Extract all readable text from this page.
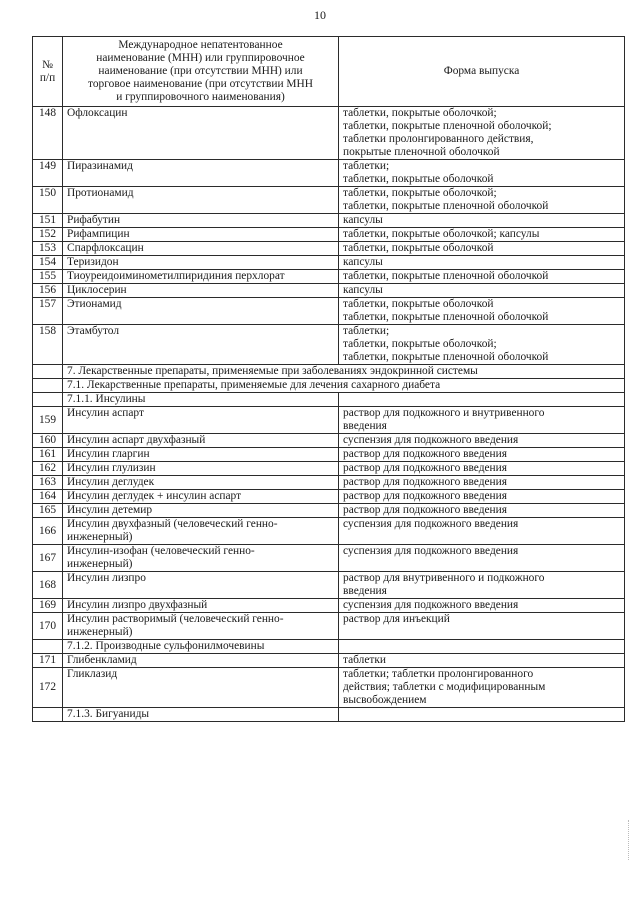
10
№
п/п	Международное непатентованное
наименование (МНН) или группировочное
наименование (при отсутствии МНН) или
торговое наименование (при отсутствии МНН
и группировочного наименования)	Форма выпуска
148	Офлоксацин	таблетки, покрытые оболочкой;
таблетки, покрытые пленочной оболочкой;
таблетки пролонгированного действия,
покрытые пленочной оболочкой

149	Пиразинамид	таблетки;
таблетки, покрытые оболочкой

150	Протионамид	таблетки, покрытые оболочкой;
таблетки, покрытые пленочной оболочкой

151	Рифабутин	капсулы

152	Рифампицин	таблетки, покрытые оболочкой; капсулы

153	Спарфлоксацин	таблетки, покрытые оболочкой

154	Теризидон	капсулы

155	Тиоуреидоиминометилпиридиния перхлорат	таблетки, покрытые пленочной оболочкой

156	Циклосерин	капсулы

157	Этионамид	таблетки, покрытые оболочкой
таблетки, покрытые пленочной оболочкой

158	Этамбутол	таблетки;
таблетки, покрытые оболочкой;
таблетки, покрытые пленочной оболочкой

	7. Лекарственные препараты, применяемые при заболеваниях эндокринной системы	
	7.1. Лекарственные препараты, применяемые для лечения сахарного диабета	
	7.1.1. Инсулины	
159	Инсулин аспарт	раствор для подкожного и внутривенного
введения

160	Инсулин аспарт двухфазный	суспензия для подкожного введения

161	Инсулин гларгин	раствор для подкожного введения

162	Инсулин глулизин	раствор для подкожного введения

163	Инсулин деглудек	раствор для подкожного введения

164	Инсулин деглудек + инсулин аспарт	раствор для подкожного введения

165	Инсулин детемир	раствор для подкожного введения

166	Инсулин двухфазный (человеческий генно-
инженерный)	суспензия для подкожного введения

167	Инсулин-изофан (человеческий генно-
инженерный)	суспензия для подкожного введения

168	Инсулин лизпро	раствор для внутривенного и подкожного
введения

169	Инсулин лизпро двухфазный	суспензия для подкожного введения

170	Инсулин растворимый (человеческий генно-
инженерный)	раствор для инъекций

	7.1.2. Производные сульфонилмочевины	
171	Глибенкламид	таблетки

172	Гликлазид	таблетки; таблетки пролонгированного
действия; таблетки с модифицированным
высвобождением

	7.1.3. Бигуаниды	
